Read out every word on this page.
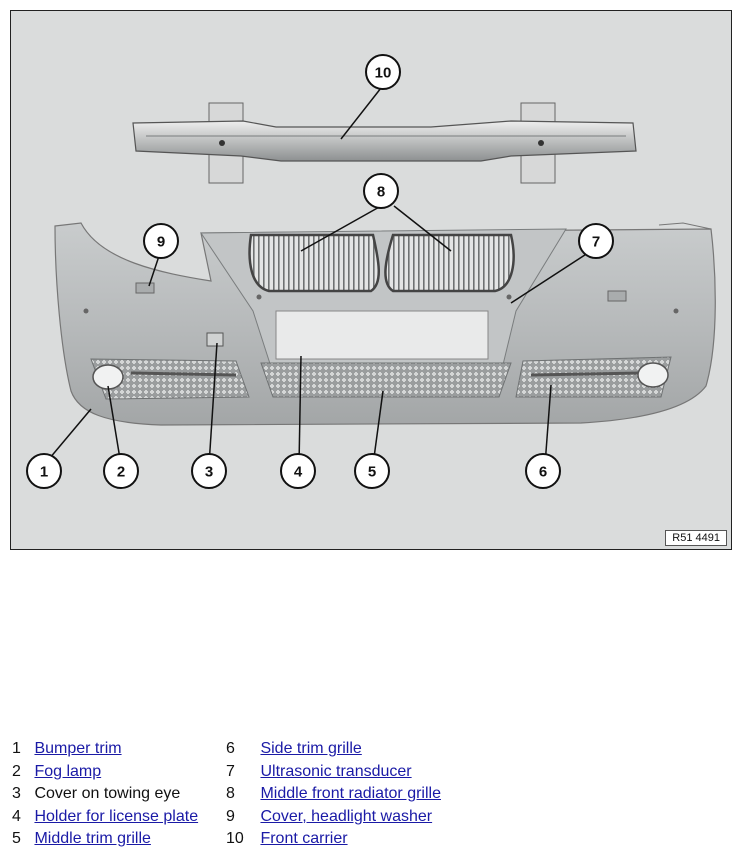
10
8
9	7
1	2	3	4	5	6
R51 4491
1 Bumper trim
2 Fog lamp
3 Cover on towing eye
4 Holder for license plate
5 Middle trim grille
6 Side trim grille
7 Ultrasonic transducer
8 Middle front radiator grille
9 Cover, headlight washer
10 Front carrier
